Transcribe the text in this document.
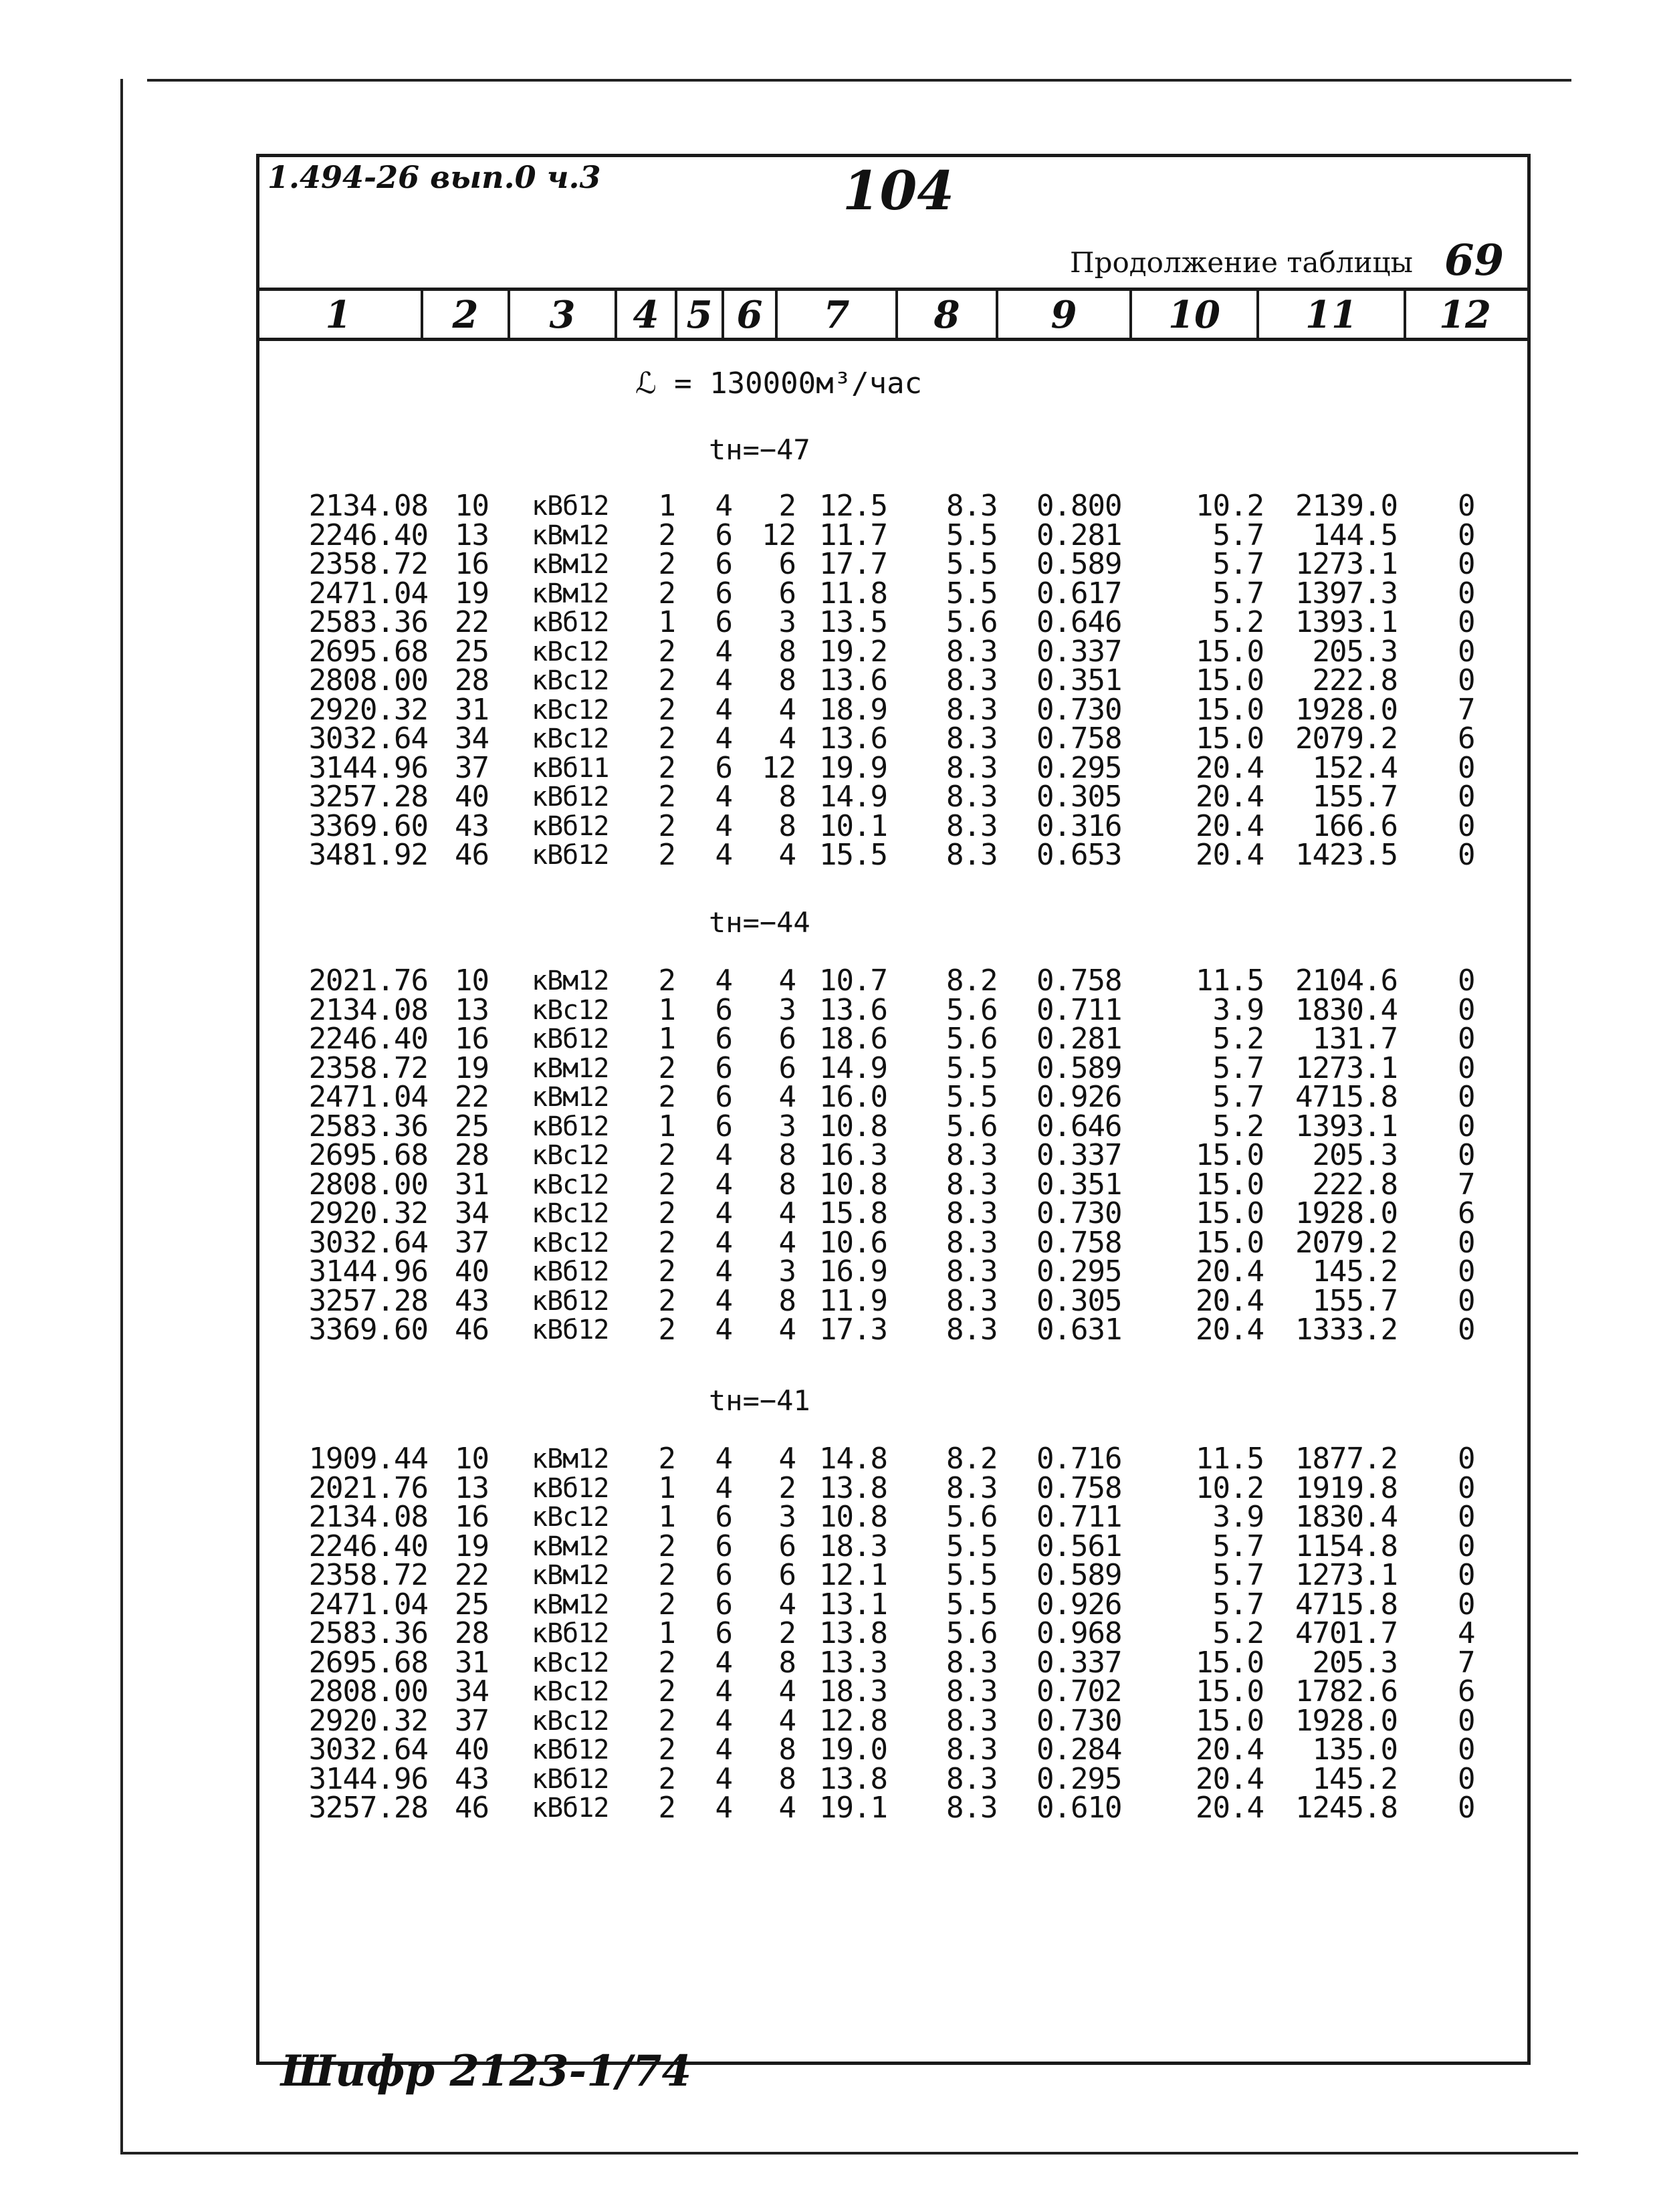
1.494-26 вып.0 ч.3	104
Продолжение таблицы 69
1	2	3	4 5 6	7	8	9	10	11	12
ℒ = 130000м³/час
tн=−47
2134.08 10 кВб12	1	4	2 12.5 8.3 0.800	10.2 2139.0 0
2246.40 13 кВм12	2	6 12 11.7 5.5 0.281	5.7	144.5 0
2358.72 16 кВм12	2	6	6 17.7 5.5 0.589	5.7 1273.1 0
2471.04 19 кВм12	2	6	6 11.8 5.5 0.617	5.7 1397.3 0
2583.36 22 кВб12	1	6	3 13.5 5.6 0.646	5.2 1393.1 0
2695.68 25 кВс12	2	4	8 19.2 8.3 0.337	15.0	205.3 0
2808.00 28 кВс12	2	4	8 13.6 8.3 0.351	15.0	222.8 0
2920.32 31 кВс12	2	4	4 18.9 8.3 0.730	15.0 1928.0 7
3032.64 34 кВс12	2	4	4 13.6 8.3 0.758	15.0 2079.2 6
3144.96 37 кВб11	2	6 12 19.9 8.3 0.295	20.4	152.4 0
3257.28 40 кВб12	2	4	8 14.9 8.3 0.305	20.4	155.7 0
3369.60 43 кВб12	2	4	8 10.1 8.3 0.316	20.4	166.6 0
3481.92 46 кВб12	2	4	4 15.5 8.3 0.653	20.4 1423.5 0
tн=−44
2021.76 10 кВм12	2	4	4 10.7 8.2 0.758	11.5 2104.6 0
2134.08 13 кВс12	1	6	3 13.6 5.6 0.711	3.9 1830.4 0
2246.40 16 кВб12	1	6	6 18.6 5.6 0.281	5.2	131.7 0
2358.72 19 кВм12	2	6	6 14.9 5.5 0.589	5.7 1273.1 0
2471.04 22 кВм12	2	6	4 16.0 5.5 0.926	5.7 4715.8 0
2583.36 25 кВб12	1	6	3 10.8 5.6 0.646	5.2 1393.1 0
2695.68 28 кВс12	2	4	8 16.3 8.3 0.337	15.0	205.3 0
2808.00 31 кВс12	2	4	8 10.8 8.3 0.351	15.0	222.8 7
2920.32 34 кВс12	2	4	4 15.8 8.3 0.730	15.0 1928.0 6
3032.64 37 кВс12	2	4	4 10.6 8.3 0.758	15.0 2079.2 0
3144.96 40 кВб12	2	4	3 16.9 8.3 0.295	20.4	145.2 0
3257.28 43 кВб12	2	4	8 11.9 8.3 0.305	20.4	155.7 0
3369.60 46 кВб12	2	4	4 17.3 8.3 0.631	20.4 1333.2 0
tн=−41
1909.44 10 кВм12	2	4	4 14.8 8.2 0.716	11.5 1877.2 0
2021.76 13 кВб12	1	4	2 13.8 8.3 0.758	10.2 1919.8 0
2134.08 16 кВс12	1	6	3 10.8 5.6 0.711	3.9 1830.4 0
2246.40 19 кВм12	2	6	6 18.3 5.5 0.561	5.7 1154.8 0
2358.72 22 кВм12	2	6	6 12.1 5.5 0.589	5.7 1273.1 0
2471.04 25 кВм12	2	6	4 13.1 5.5 0.926	5.7 4715.8 0
2583.36 28 кВб12	1	6	2 13.8 5.6 0.968	5.2 4701.7 4
2695.68 31 кВс12	2	4	8 13.3 8.3 0.337	15.0	205.3 7
2808.00 34 кВс12	2	4	4 18.3 8.3 0.702	15.0 1782.6 6
2920.32 37 кВс12	2	4	4 12.8 8.3 0.730	15.0 1928.0 0
3032.64 40 кВб12	2	4	8 19.0 8.3 0.284	20.4	135.0 0
3144.96 43 кВб12	2	4	8 13.8 8.3 0.295	20.4	145.2 0
3257.28 46 кВб12	2	4	4 19.1 8.3 0.610	20.4 1245.8 0
Шифр 2123-1/74
